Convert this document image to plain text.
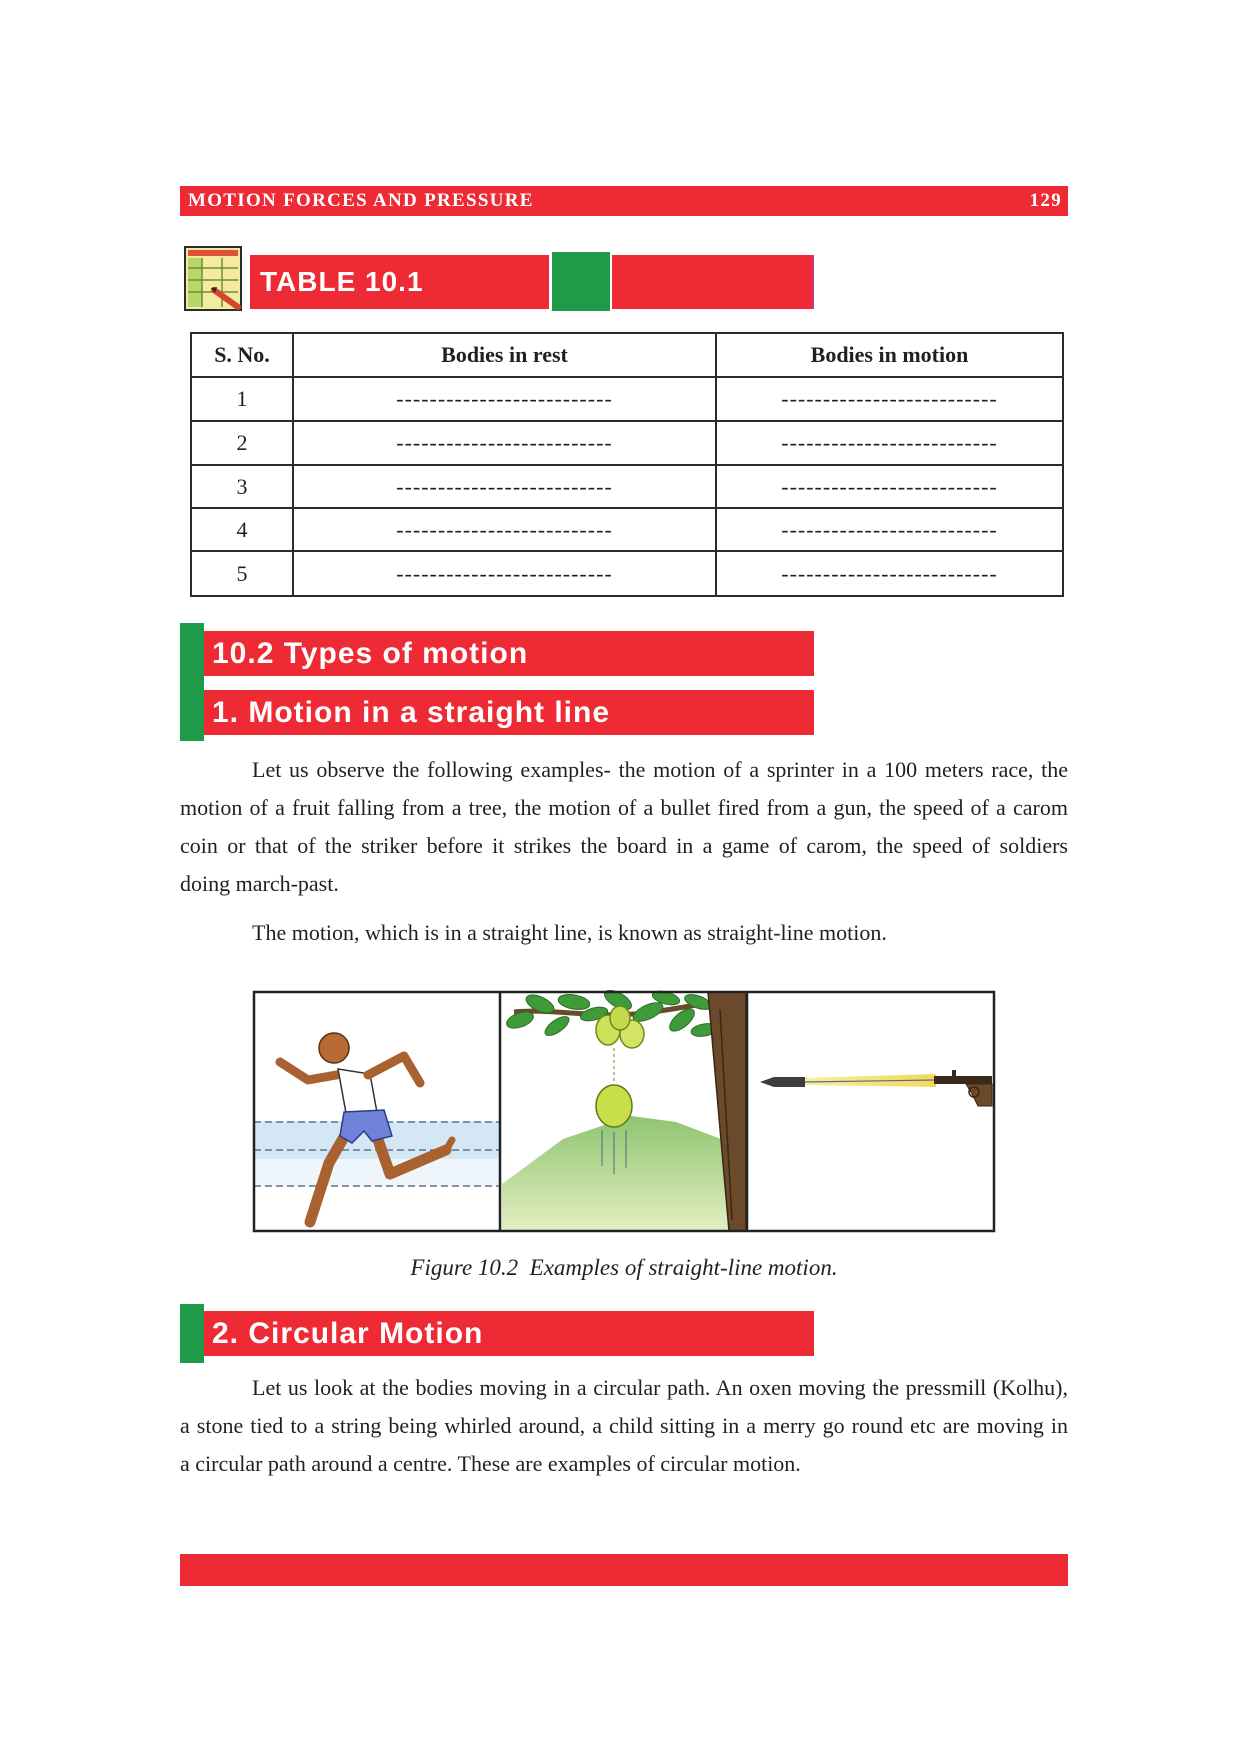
MOTION FORCES AND PRESSURE	129
TABLE 10.1
S. No.	Bodies in rest	Bodies in motion
1	--------------------------	--------------------------
2	--------------------------	--------------------------
3	--------------------------	--------------------------
4	--------------------------	--------------------------
5	--------------------------	--------------------------
10.2 Types of motion
1. Motion in a straight line
Let us observe the following examples- the motion of a sprinter in a 100 meters race, the
motion of a fruit falling from a tree, the motion of a bullet fired from a gun, the speed of a carom
coin or that of the striker before it strikes the board in a game of carom, the speed of soldiers
doing march-past.
The motion, which is in a straight line, is known as straight-line motion.
Figure 10.2  Examples of straight-line motion.
2. Circular Motion
Let us look at the bodies moving in a circular path. An oxen moving the pressmill (Kolhu),
a stone tied to a string being whirled around, a child sitting in a merry go round etc are moving in
a circular path around a centre. These are examples of circular motion.
